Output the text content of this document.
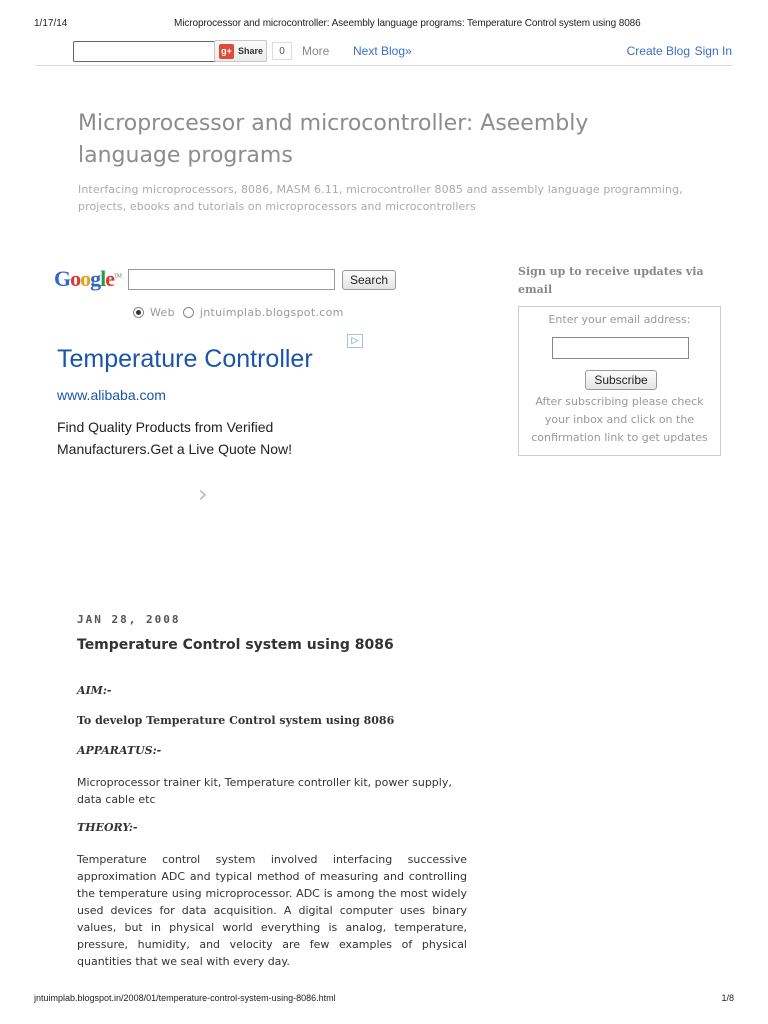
1/17/14	Microprocessor and microcontroller: Aseembly language programs: Temperature Control system using 8086
g+ Share	0	More Next Blog»	Create Blog Sign In
Microprocessor and microcontroller: Aseembly language programs
Interfacing microprocessors, 8086, MASM 6.11, microcontroller 8085 and assembly language programming, projects, ebooks and tutorials on microprocessors and microcontrollers
Google™	Search
Web jntuimplab.blogspot.com
Temperature Controller
▷
www.alibaba.com
Find Quality Products from Verified Manufacturers.Get a Live Quote Now!
›
Sign up to receive updates via email
Enter your email address:
Subscribe
After subscribing please check your inbox and click on the confirmation link to get updates
JAN 28, 2008
Temperature Control system using 8086
AIM:-
To develop Temperature Control system using 8086
APPARATUS:-
Microprocessor trainer kit, Temperature controller kit, power supply, data cable etc
THEORY:-
Temperature control system involved interfacing successive approximation ADC and typical method of measuring and controlling the temperature using microprocessor. ADC is among the most widely used devices for data acquisition. A digital computer uses binary values, but in physical world everything is analog, temperature, pressure, humidity, and velocity are few examples of physical quantities that we seal with every day.
jntuimplab.blogspot.in/2008/01/temperature-control-system-using-8086.html	1/8
